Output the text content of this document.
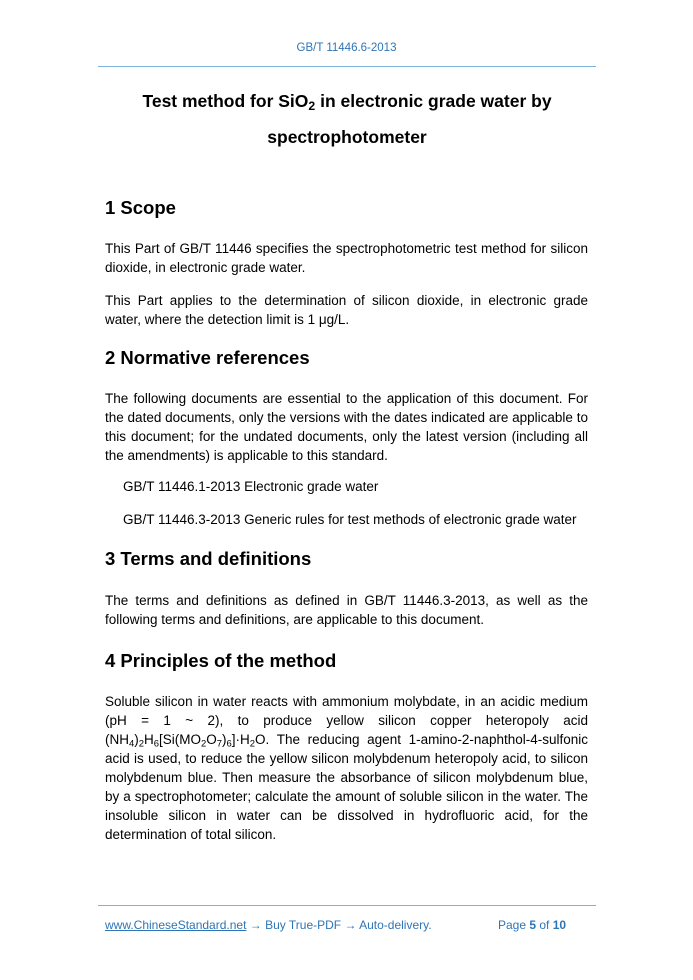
GB/T 11446.6-2013
Test method for SiO$_2$ in electronic grade water by
spectrophotometer
1 Scope
This Part of GB/T 11446 specifies the spectrophotometric test method for silicon dioxide, in electronic grade water.
This Part applies to the determination of silicon dioxide, in electronic grade water, where the detection limit is 1 μg/L.
2 Normative references
The following documents are essential to the application of this document. For the dated documents, only the versions with the dates indicated are applicable to this document; for the undated documents, only the latest version (including all the amendments) is applicable to this standard.
GB/T 11446.1-2013 Electronic grade water
GB/T 11446.3-2013 Generic rules for test methods of electronic grade water
3 Terms and definitions
The terms and definitions as defined in GB/T 11446.3-2013, as well as the following terms and definitions, are applicable to this document.
4 Principles of the method
Soluble silicon in water reacts with ammonium molybdate, in an acidic medium (pH = 1 ~ 2), to produce yellow silicon copper heteropoly acid $(NH_4)_2H_6[Si(MO_2O_7)_6]\cdot H_2O$. The reducing agent 1-amino-2-naphthol-4-sulfonic acid is used, to reduce the yellow silicon molybdenum heteropoly acid, to silicon molybdenum blue. Then measure the absorbance of silicon molybdenum blue, by a spectrophotometer; calculate the amount of soluble silicon in the water. The insoluble silicon in water can be dissolved in hydrofluoric acid, for the determination of total silicon.
www.ChineseStandard.net → Buy True-PDF → Auto-delivery.	Page 5 of 10
